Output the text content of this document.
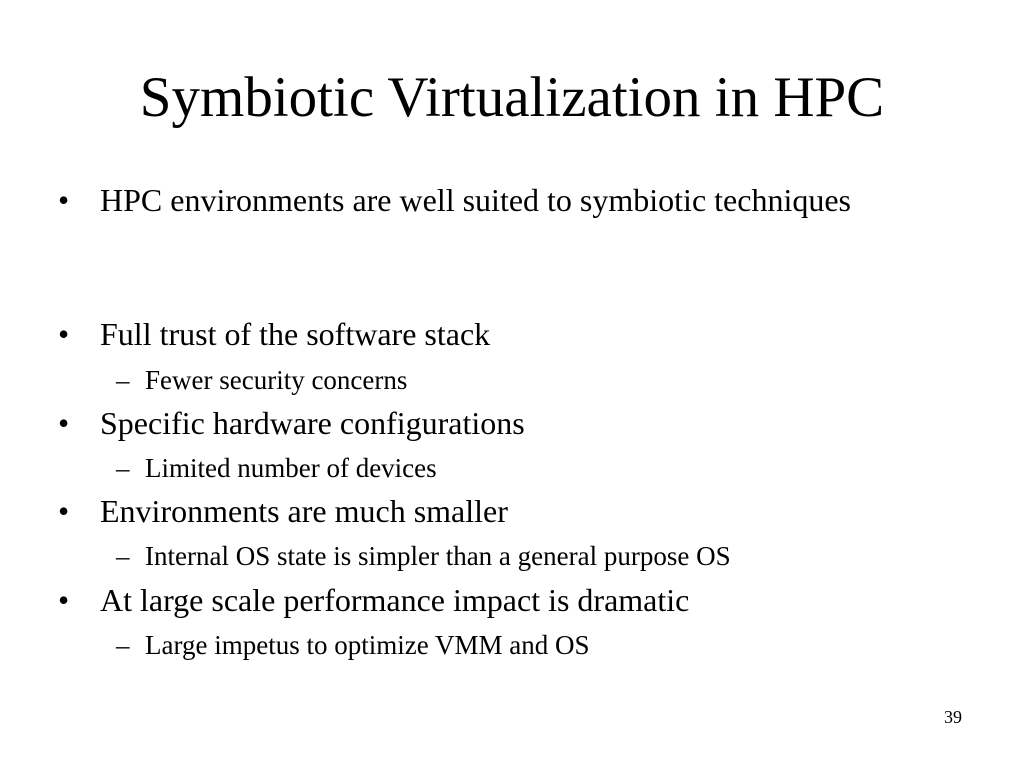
Symbiotic Virtualization in HPC
• HPC environments are well suited to symbiotic techniques
• Full trust of the software stack
– Fewer security concerns
• Specific hardware configurations
– Limited number of devices
• Environments are much smaller
– Internal OS state is simpler than a general purpose OS
• At large scale performance impact is dramatic
– Large impetus to optimize VMM and OS
39
